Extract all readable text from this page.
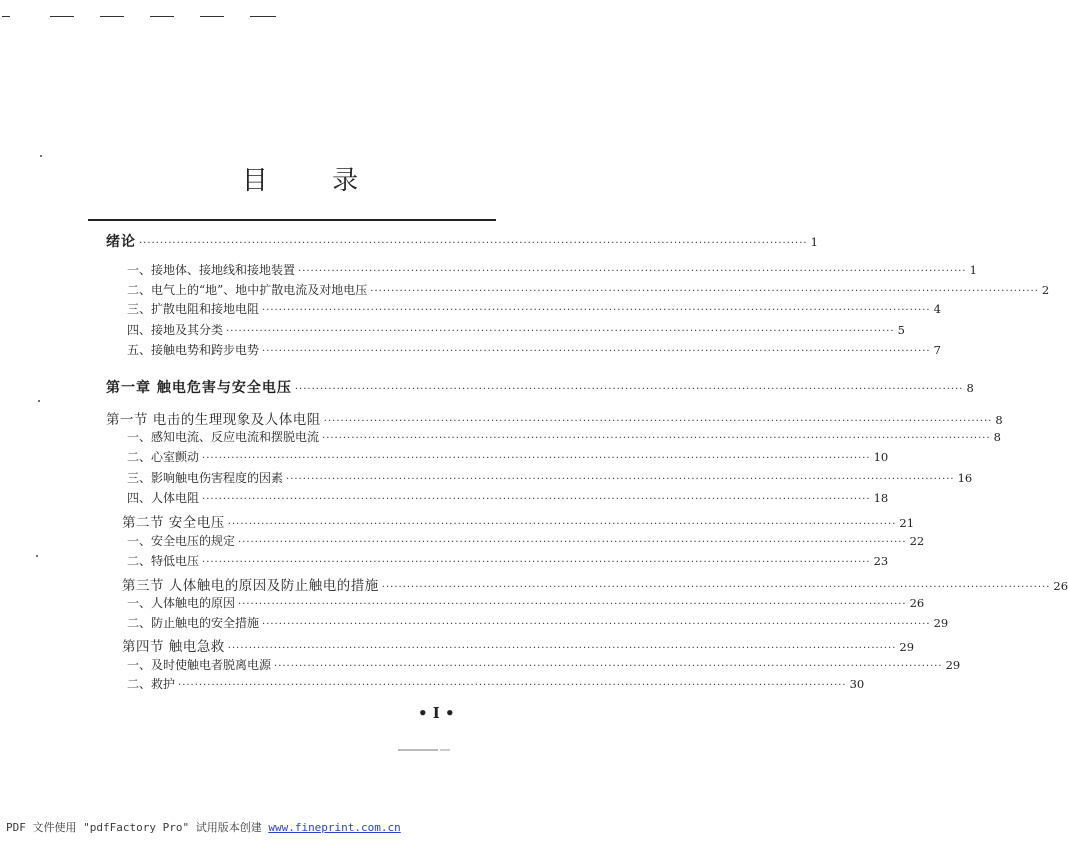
目 录
绪论 ································································································································································ 1
一、接地体、接地线和接地装置 ································································································································································ 1
二、电气上的“地”、地中扩散电流及对地电压 ································································································································································ 2
三、扩散电阻和接地电阻 ································································································································································ 4
四、接地及其分类 ································································································································································ 5
五、接触电势和跨步电势 ································································································································································ 7
第一章 触电危害与安全电压 ································································································································································ 8
第一节 电击的生理现象及人体电阻 ································································································································································ 8
一、感知电流、反应电流和摆脱电流 ································································································································································ 8
二、心室颤动 ································································································································································ 10
三、影响触电伤害程度的因素 ································································································································································ 16
四、人体电阻 ································································································································································ 18
第二节 安全电压 ································································································································································ 21
一、安全电压的规定 ································································································································································ 22
二、特低电压 ································································································································································ 23
第三节 人体触电的原因及防止触电的措施 ································································································································································ 26
一、人体触电的原因 ································································································································································ 26
二、防止触电的安全措施 ································································································································································ 29
第四节 触电急救 ································································································································································ 29
一、及时使触电者脱离电源 ································································································································································ 29
二、救护 ································································································································································ 30
• I •
PDF 文件使用 "pdfFactory Pro" 试用版本创建 www.fineprint.com.cn
